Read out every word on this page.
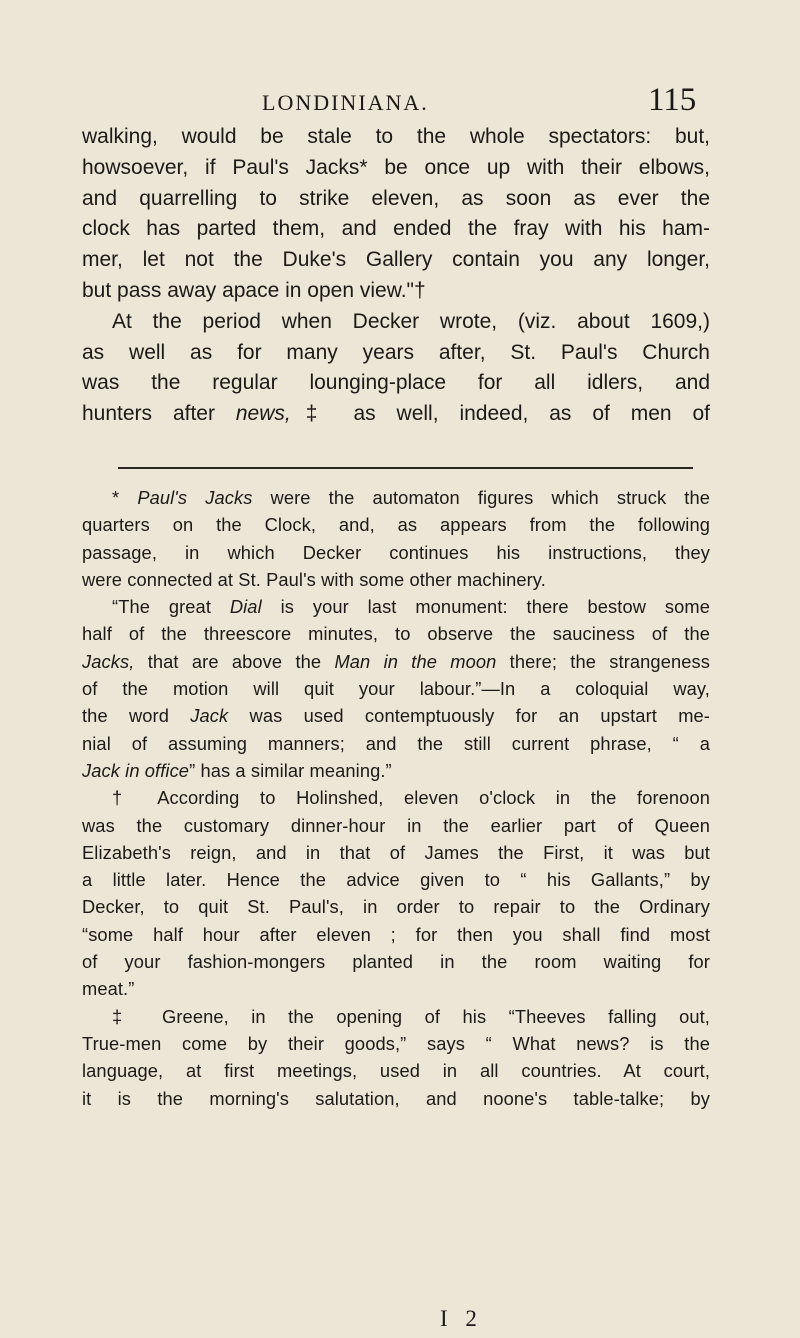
LONDINIANA.	115
walking, would be stale to the whole spectators: but,
howsoever, if Paul's Jacks* be once up with their elbows,
and quarrelling to strike eleven, as soon as ever the
clock has parted them, and ended the fray with his ham-
mer, let not the Duke's Gallery contain you any longer,
but pass away apace in open view."†
At the period when Decker wrote, (viz. about 1609,)
as well as for many years after, St. Paul's Church
was the regular lounging-place for all idlers, and
hunters after news,‡ as well, indeed, as of men of
* Paul's Jacks were the automaton figures which struck the
quarters on the Clock, and, as appears from the following
passage, in which Decker continues his instructions, they
were connected at St. Paul's with some other machinery.
“The great Dial is your last monument: there bestow some
half of the threescore minutes, to observe the sauciness of the
Jacks, that are above the Man in the moon there; the strangeness
of the motion will quit your labour.”—In a coloquial way,
the word Jack was used contemptuously for an upstart me-
nial of assuming manners; and the still current phrase, “ a
Jack in office” has a similar meaning.”
† According to Holinshed, eleven o'clock in the forenoon
was the customary dinner-hour in the earlier part of Queen
Elizabeth's reign, and in that of James the First, it was but
a little later. Hence the advice given to “ his Gallants,” by
Decker, to quit St. Paul's, in order to repair to the Ordinary
“some half hour after eleven ; for then you shall find most
of your fashion-mongers planted in the room waiting for
meat.”
‡ Greene, in the opening of his “Theeves falling out,
True-men come by their goods,” says “ What news? is the
language, at first meetings, used in all countries. At court,
it is the morning's salutation, and noone's table-talke; by
I 2
